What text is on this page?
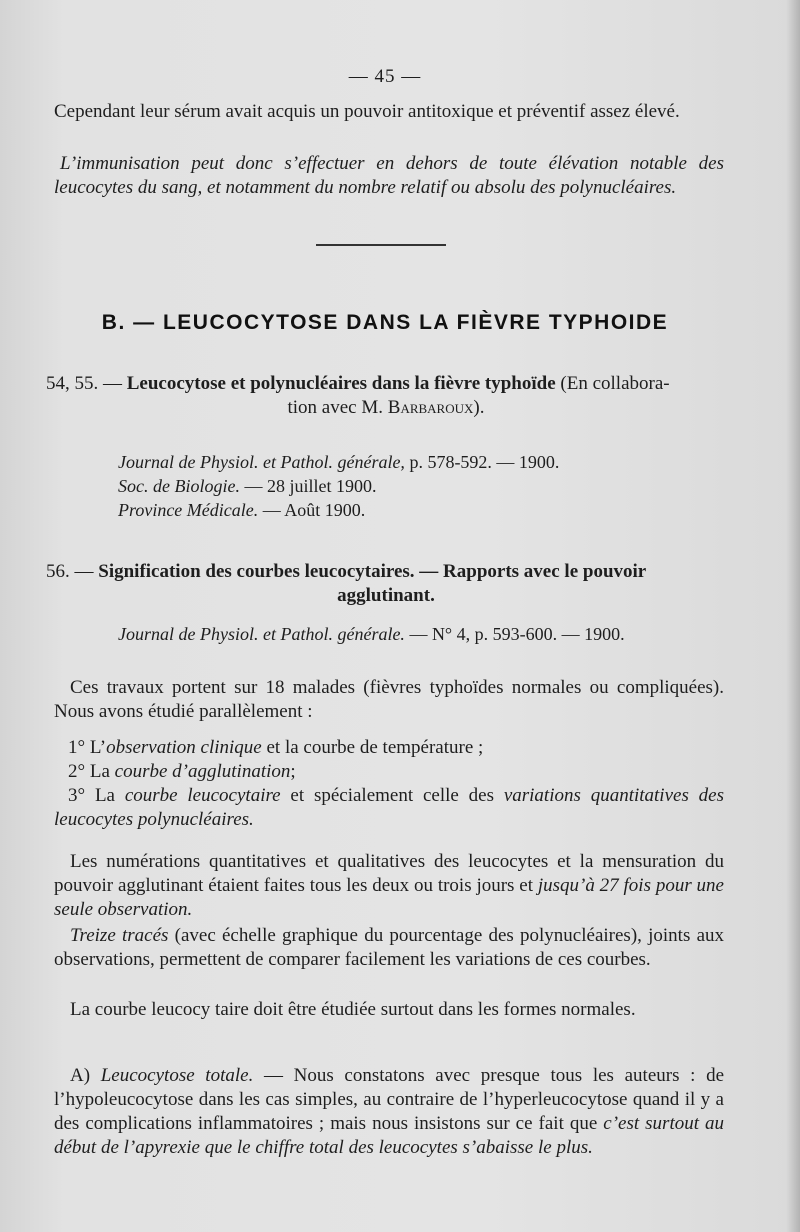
— 45 —
Cependant leur sérum avait acquis un pouvoir antitoxique et préventif assez élevé.
L’immunisation peut donc s’effectuer en dehors de toute élévation notable des leucocytes du sang, et notamment du nombre relatif ou absolu des polynucléaires.
B. — LEUCOCYTOSE DANS LA FIÈVRE TYPHOIDE
54, 55. — Leucocytose et polynucléaires dans la fièvre typhoïde (En collabora-
tion avec M. Barbaroux).
Journal de Physiol. et Pathol. générale, p. 578-592. — 1900.
Soc. de Biologie. — 28 juillet 1900.
Province Médicale. — Août 1900.
56. — Signification des courbes leucocytaires. — Rapports avec le pouvoir
agglutinant.
Journal de Physiol. et Pathol. générale. — N° 4, p. 593-600. — 1900.
Ces travaux portent sur 18 malades (fièvres typhoïdes normales ou compliquées). Nous avons étudié parallèlement :
1° L’observation clinique et la courbe de température ;
2° La courbe d’agglutination;
3° La courbe leucocytaire et spécialement celle des variations quantitatives des leucocytes polynucléaires.
Les numérations quantitatives et qualitatives des leucocytes et la mensuration du pouvoir agglutinant étaient faites tous les deux ou trois jours et jusqu’à 27 fois pour une seule observation.
Treize tracés (avec échelle graphique du pourcentage des polynucléaires), joints aux observations, permettent de comparer facilement les variations de ces courbes.
La courbe leucocy taire doit être étudiée surtout dans les formes normales.
A) Leucocytose totale. — Nous constatons avec presque tous les auteurs : de l’hypoleucocytose dans les cas simples, au contraire de l’hyperleucocytose quand il y a des complications inflammatoires ; mais nous insistons sur ce fait que c’est surtout au début de l’apyrexie que le chiffre total des leucocytes s’abaisse le plus.
